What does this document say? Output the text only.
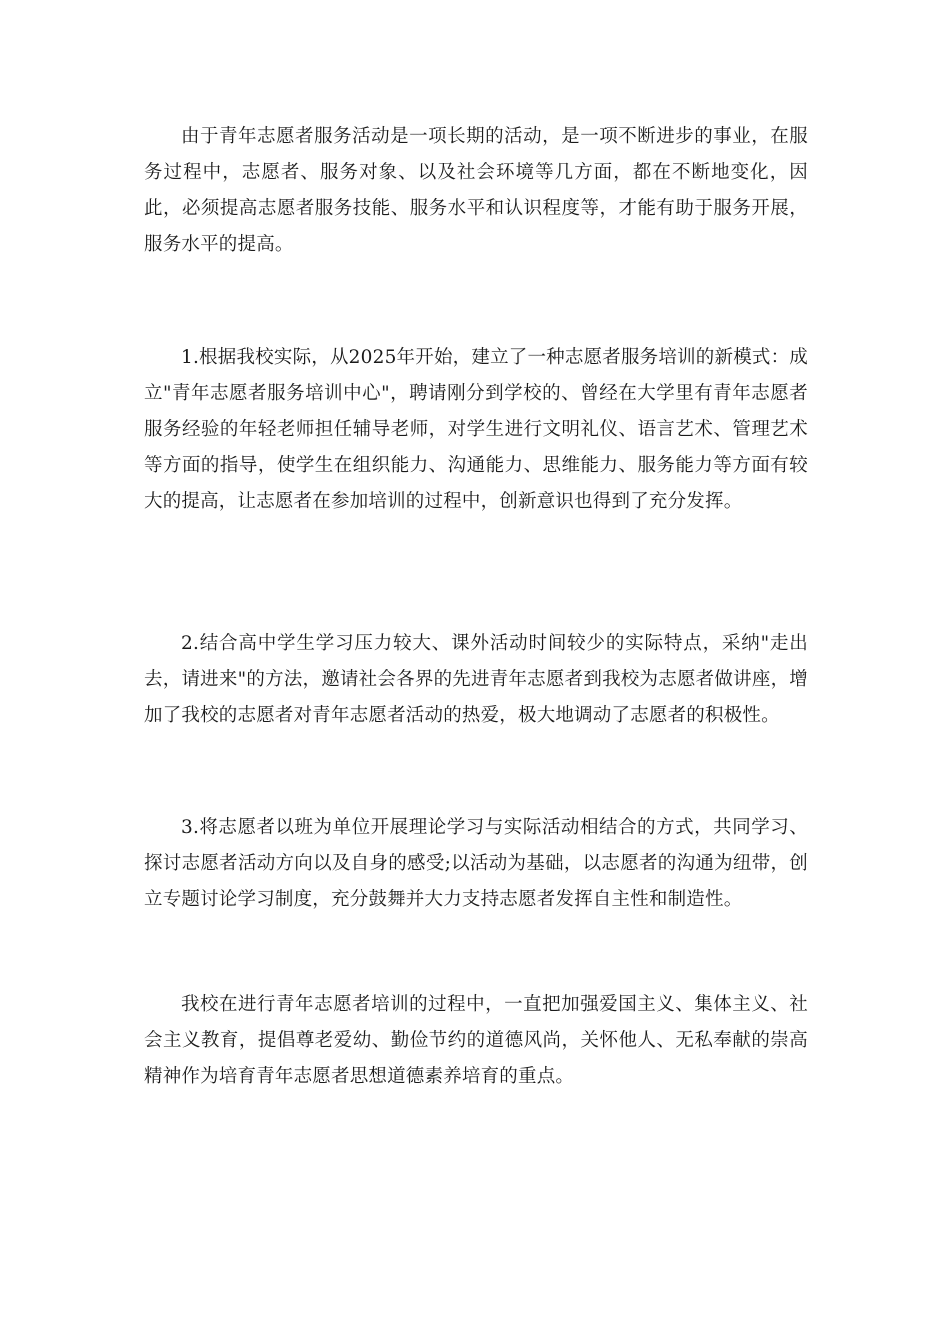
由于青年志愿者服务活动是一项长期的活动，是一项不断进步的事业，在服务过程中，志愿者、服务对象、以及社会环境等几方面，都在不断地变化，因此，必须提高志愿者服务技能、服务水平和认识程度等，才能有助于服务开展，服务水平的提高。

1.根据我校实际，从2025年开始，建立了一种志愿者服务培训的新模式：成立"青年志愿者服务培训中心"，聘请刚分到学校的、曾经在大学里有青年志愿者服务经验的年轻老师担任辅导老师，对学生进行文明礼仪、语言艺术、管理艺术等方面的指导，使学生在组织能力、沟通能力、思维能力、服务能力等方面有较大的提高，让志愿者在参加培训的过程中，创新意识也得到了充分发挥。

2.结合高中学生学习压力较大、课外活动时间较少的实际特点，采纳"走出去，请进来"的方法，邀请社会各界的先进青年志愿者到我校为志愿者做讲座，增加了我校的志愿者对青年志愿者活动的热爱，极大地调动了志愿者的积极性。

3.将志愿者以班为单位开展理论学习与实际活动相结合的方式，共同学习、探讨志愿者活动方向以及自身的感受;以活动为基础，以志愿者的沟通为纽带，创立专题讨论学习制度，充分鼓舞并大力支持志愿者发挥自主性和制造性。

我校在进行青年志愿者培训的过程中，一直把加强爱国主义、集体主义、社会主义教育，提倡尊老爱幼、勤俭节约的道德风尚，关怀他人、无私奉献的崇高精神作为培育青年志愿者思想道德素养培育的重点。
